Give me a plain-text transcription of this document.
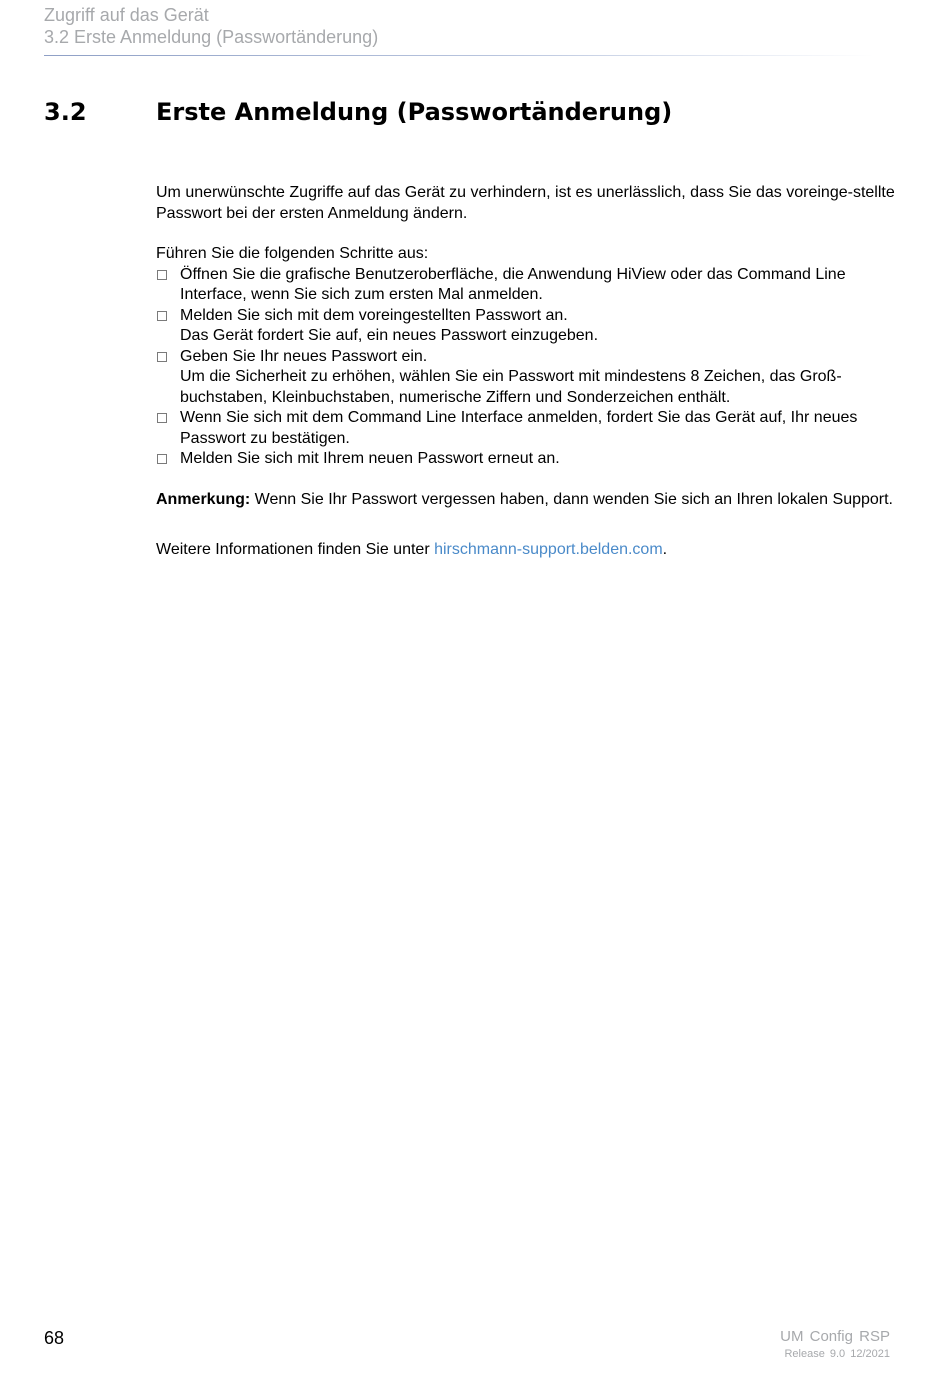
Zugriff auf das Gerät
3.2 Erste Anmeldung (Passwortänderung)
3.2	Erste Anmeldung (Passwortänderung)

Um unerwünschte Zugriffe auf das Gerät zu verhindern, ist es unerlässlich, dass Sie das voreinge-stellte Passwort bei der ersten Anmeldung ändern.

Führen Sie die folgenden Schritte aus:

Öffnen Sie die grafische Benutzeroberfläche, die Anwendung HiView oder das Command Line Interface, wenn Sie sich zum ersten Mal anmelden.
Melden Sie sich mit dem voreingestellten Passwort an.
Das Gerät fordert Sie auf, ein neues Passwort einzugeben.
Geben Sie Ihr neues Passwort ein.
Um die Sicherheit zu erhöhen, wählen Sie ein Passwort mit mindestens 8 Zeichen, das Groß-buchstaben, Kleinbuchstaben, numerische Ziffern und Sonderzeichen enthält.
Wenn Sie sich mit dem Command Line Interface anmelden, fordert Sie das Gerät auf, Ihr neues Passwort zu bestätigen.
Melden Sie sich mit Ihrem neuen Passwort erneut an.

Anmerkung: Wenn Sie Ihr Passwort vergessen haben, dann wenden Sie sich an Ihren lokalen Support.

Weitere Informationen finden Sie unter hirschmann-support.belden.com.

68	UM Config RSP
Release 9.0 12/2021
